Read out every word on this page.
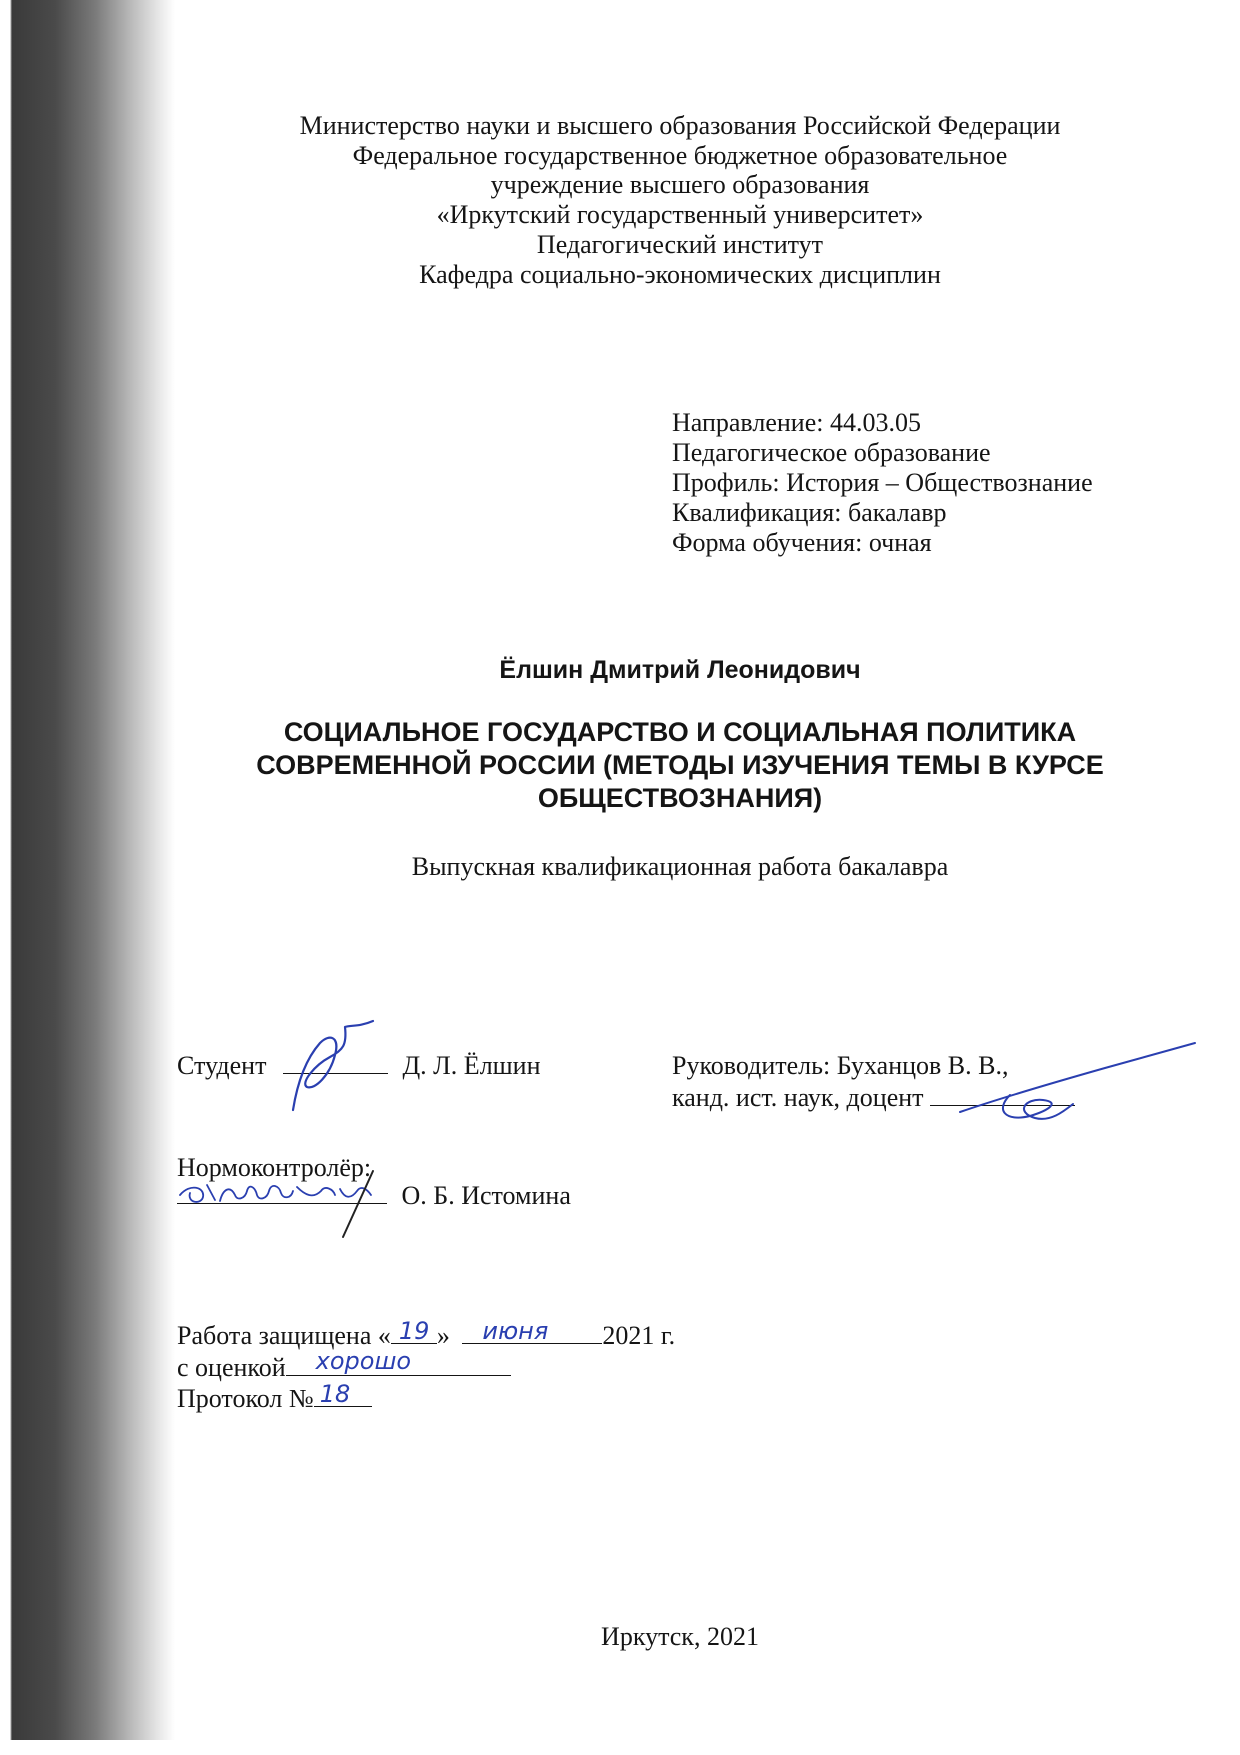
Министерство науки и высшего образования Российской Федерации
Федеральное государственное бюджетное образовательное
учреждение высшего образования
«Иркутский государственный университет»
Педагогический институт
Кафедра социально-экономических дисциплин
Направление: 44.03.05
Педагогическое образование
Профиль: История – Обществознание
Квалификация: бакалавр
Форма обучения: очная
Ёлшин Дмитрий Леонидович
СОЦИАЛЬНОЕ ГОСУДАРСТВО И СОЦИАЛЬНАЯ ПОЛИТИКА
СОВРЕМЕННОЙ РОССИИ (МЕТОДЫ ИЗУЧЕНИЯ ТЕМЫ В КУРСЕ
ОБЩЕСТВОЗНАНИЯ)
Выпускная квалификационная работа бакалавра
Студент	Д. Л. Ёлшин	Руководитель: Буханцов В. В.,
канд. ист. наук, доцент
Нормоконтролёр:
О. Б. Истомина
Работа защищена « 19 » июня 2021 г.
с оценкой хорошо
Протокол № 18
Иркутск, 2021
